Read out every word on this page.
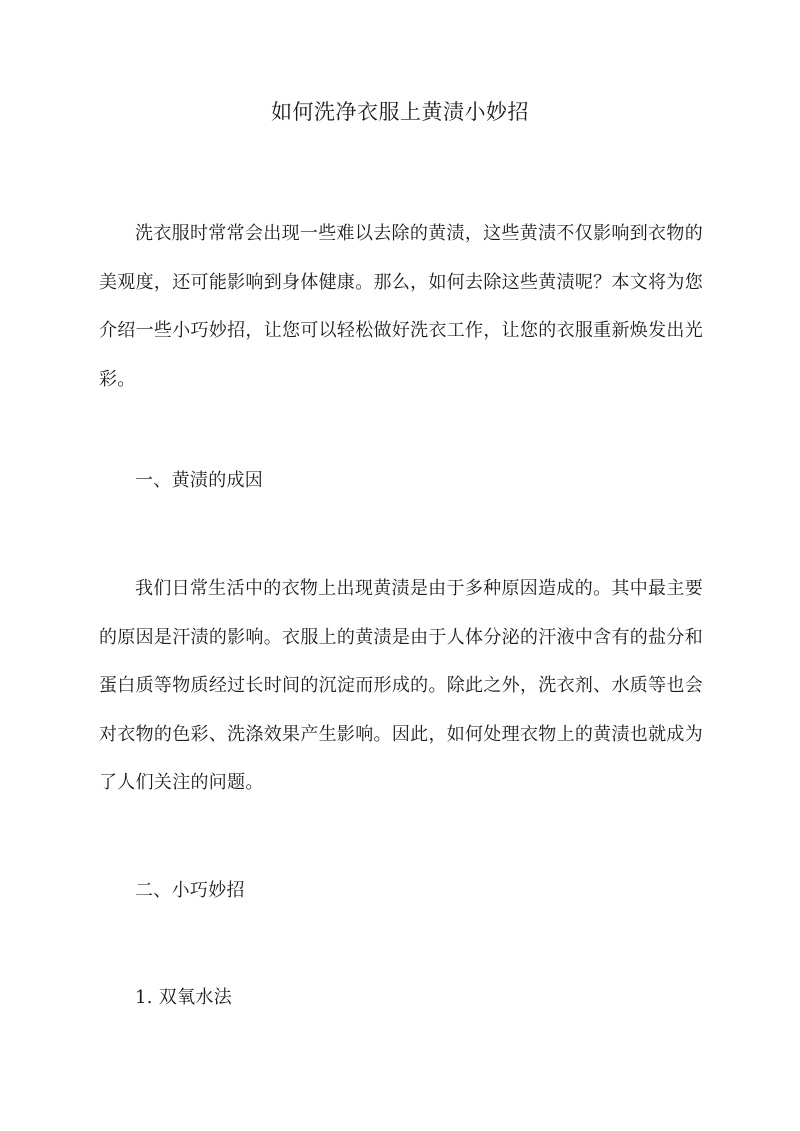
如何洗净衣服上黄渍小妙招
洗衣服时常常会出现一些难以去除的黄渍，这些黄渍不仅影响到衣物的美观度，还可能影响到身体健康。那么，如何去除这些黄渍呢？本文将为您介绍一些小巧妙招，让您可以轻松做好洗衣工作，让您的衣服重新焕发出光彩。
一、黄渍的成因
我们日常生活中的衣物上出现黄渍是由于多种原因造成的。其中最主要的原因是汗渍的影响。衣服上的黄渍是由于人体分泌的汗液中含有的盐分和蛋白质等物质经过长时间的沉淀而形成的。除此之外，洗衣剂、水质等也会对衣物的色彩、洗涤效果产生影响。因此，如何处理衣物上的黄渍也就成为了人们关注的问题。
二、小巧妙招
1. 双氧水法
